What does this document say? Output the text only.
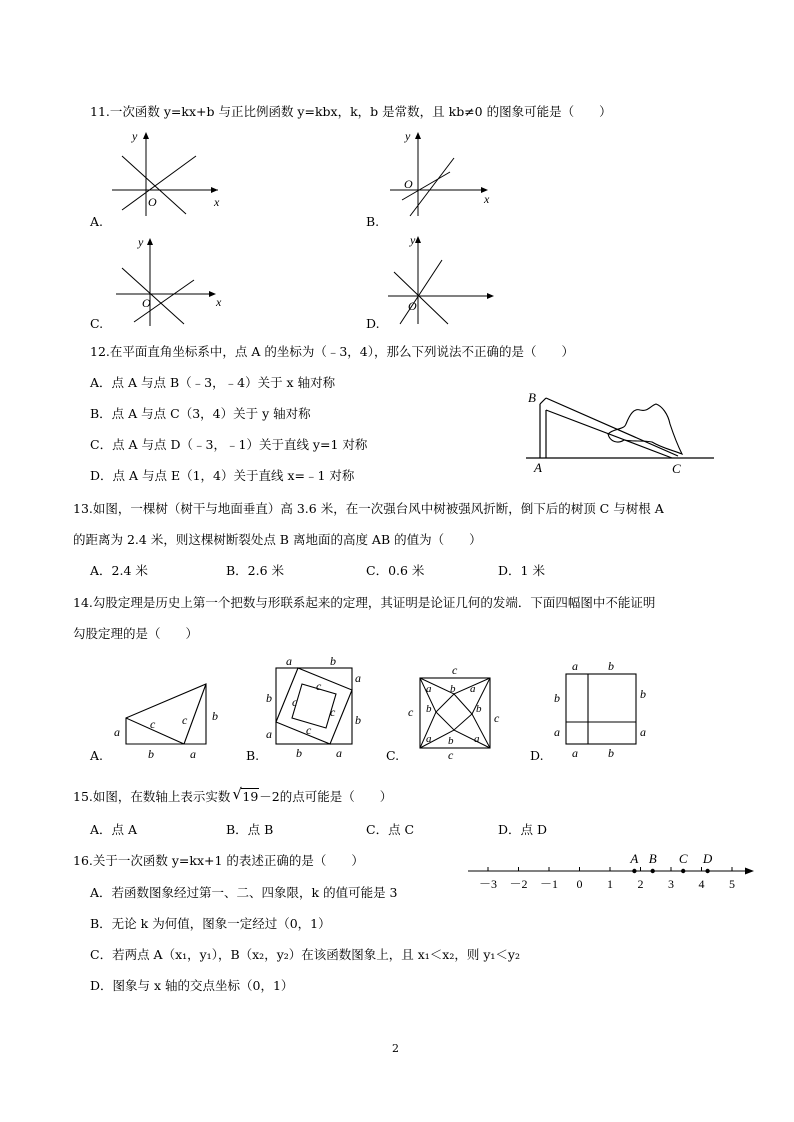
11.一次函数 y=kx+b 与正比例函数 y=kbx，k，b 是常数，且 kb≠0 的图象可能是（　　）
y
x
O
A.
y
x
O
B.
y
x
O
C.
y
O
D.
12.在平面直角坐标系中，点 A 的坐标为（﹣3，4），那么下列说法不正确的是（　　）
A．点 A 与点 B（﹣3，﹣4）关于 x 轴对称
B．点 A 与点 C（3，4）关于 y 轴对称
C．点 A 与点 D（﹣3，﹣1）关于直线 y=1 对称
D．点 A 与点 E（1，4）关于直线 x=﹣1 对称
B
A	C
13.如图，一棵树（树干与地面垂直）高 3.6 米，在一次强台风中树被强风折断，倒下后的树顶 C 与树根 A
的距离为 2.4 米，则这棵树断裂处点 B 离地面的高度 AB 的值为（　　）
A．2.4 米	B．2.6 米	C．0.6 米	D．1 米
14.勾股定理是历史上第一个把数与形联系起来的定理，其证明是论证几何的发端．下面四幅图中不能证明
勾股定理的是（　　）
a
b	a
c c b
A.
a	b
a
b
b
a
b	a
c
c
c
c
B.
c
a b a
c b	b
c
a b a
c
C.
a	b
b	b
a	a
a	b
D.
15.如图，在数轴上表示实数 √ 19－2的点可能是（　　）
A．点 A	B．点 B	C．点 C	D．点 D
－3 －2 －1 0 1 2 3 4 5
A B C D
16.关于一次函数 y=kx+1 的表述正确的是（　　）
A．若函数图象经过第一、二、四象限，k 的值可能是 3
B．无论 k 为何值，图象一定经过（0，1）
C．若两点 A（x₁，y₁），B（x₂，y₂）在该函数图象上，且 x₁＜x₂，则 y₁＜y₂
D．图象与 x 轴的交点坐标（0，1）
2
